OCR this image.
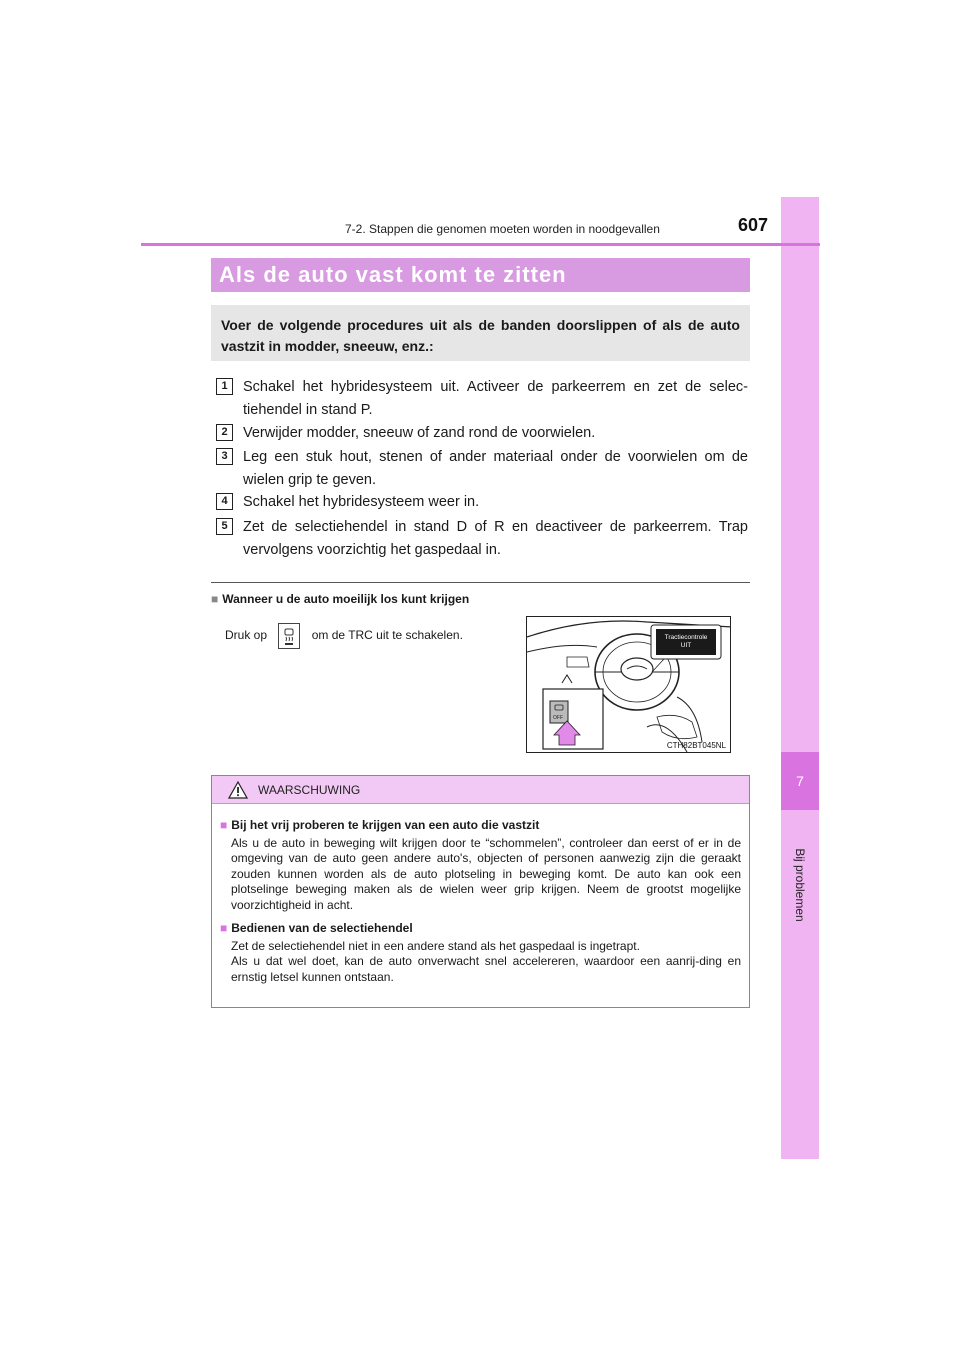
7
Bij problemen
7-2. Stappen die genomen moeten worden in noodgevallen	607
Als de auto vast komt te zitten
Voer de volgende procedures uit als de banden doorslippen of als de auto vastzit in modder, sneeuw, enz.:
1	Schakel het hybridesysteem uit. Activeer de parkeerrem en zet de selec-tiehendel in stand P.
2	Verwijder modder, sneeuw of zand rond de voorwielen.
3	Leg een stuk hout, stenen of ander materiaal onder de voorwielen om de wielen grip te geven.
4	Schakel het hybridesysteem weer in.
5	Zet de selectiehendel in stand D of R en deactiveer de parkeerrem. Trap vervolgens voorzichtig het gaspedaal in.
■ Wanneer u de auto moeilijk los kunt krijgen
Druk op	om de TRC uit te schakelen.
OFF
Tractiecontrole
UIT
CTH82BT045NL
WAARSCHUWING
■ Bij het vrij proberen te krijgen van een auto die vastzit
Als u de auto in beweging wilt krijgen door te “schommelen”, controleer dan eerst of er in de omgeving van de auto geen andere auto's, objecten of personen aanwezig zijn die geraakt zouden kunnen worden als de auto plotseling in beweging komt. De auto kan ook een plotselinge beweging maken als de wielen weer grip krijgen. Neem de grootst mogelijke voorzichtigheid in acht.
■ Bedienen van de selectiehendel
Zet de selectiehendel niet in een andere stand als het gaspedaal is ingetrapt.
Als u dat wel doet, kan de auto onverwacht snel accelereren, waardoor een aanrij-ding en ernstig letsel kunnen ontstaan.
